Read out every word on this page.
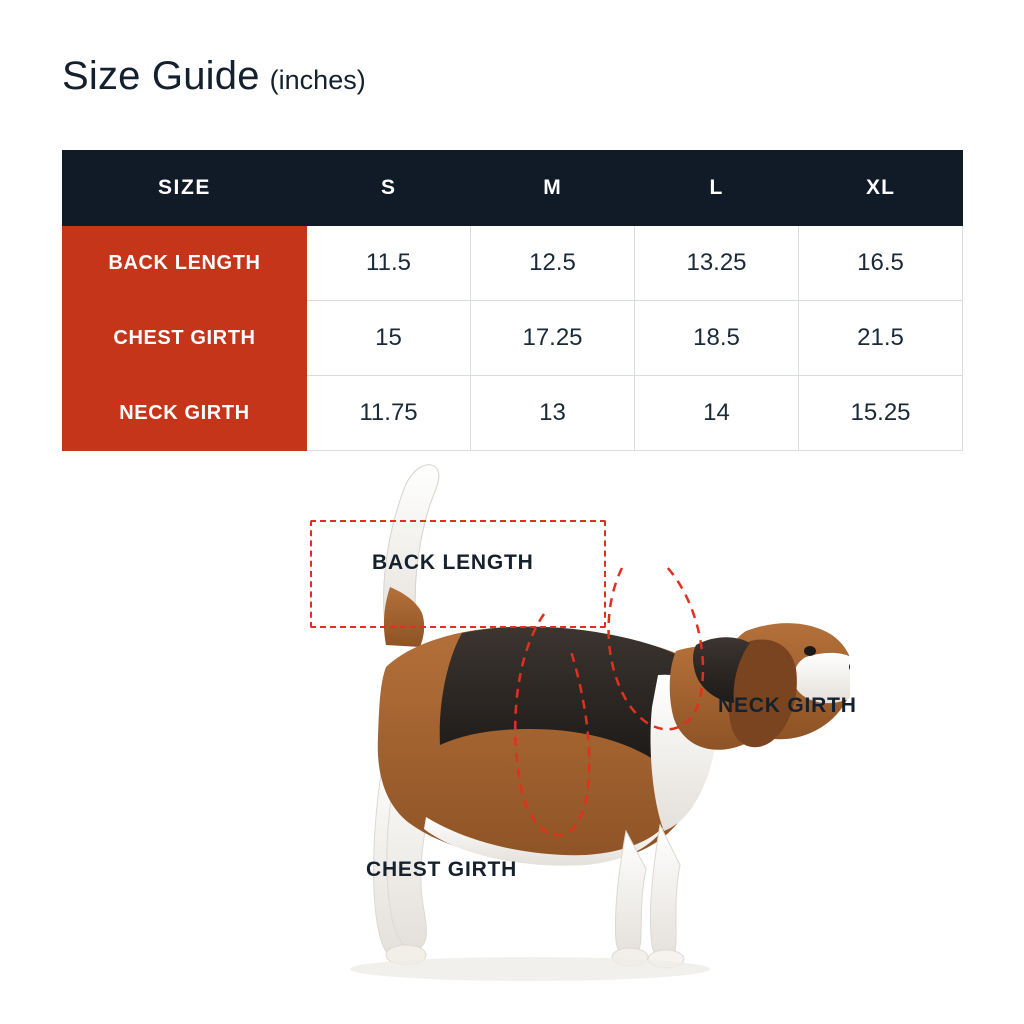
Size Guide (inches)
SIZE	S	M	L	XL
BACK LENGTH	11.5	12.5	13.25	16.5
CHEST GIRTH	15	17.25	18.5	21.5
NECK GIRTH	11.75	13	14	15.25
BACK LENGTH
NECK GIRTH
CHEST GIRTH
